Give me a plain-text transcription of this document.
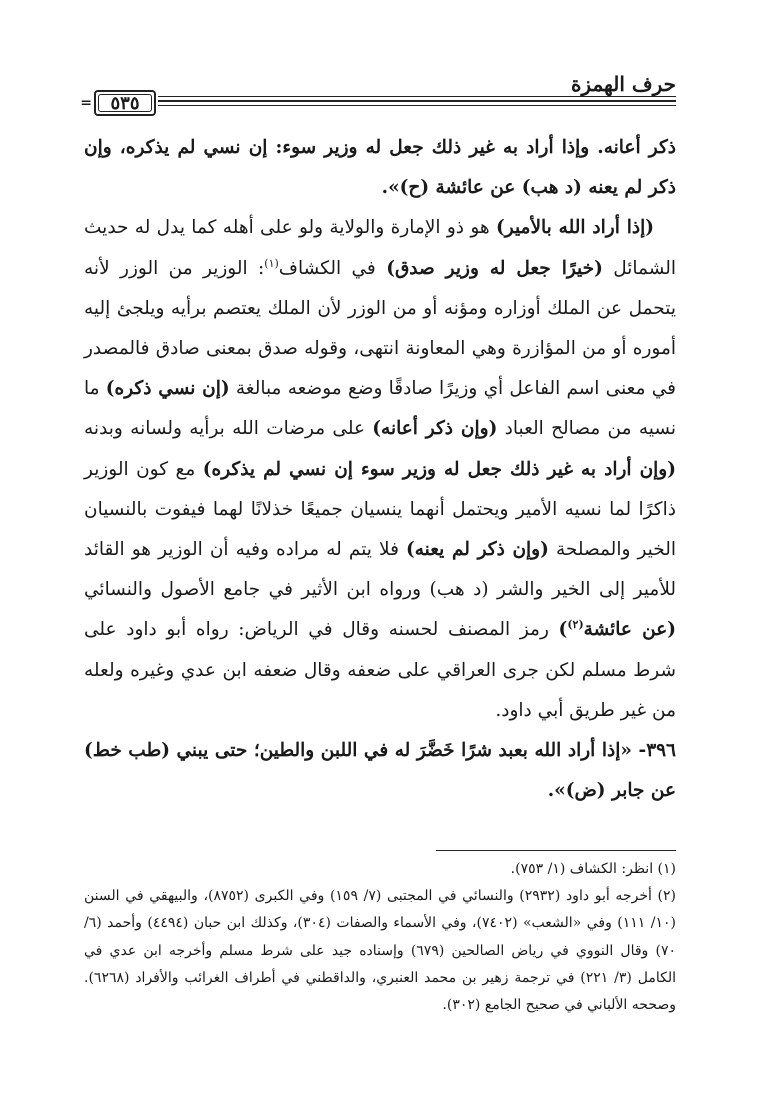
حرف الهمزة
٥٣٥
=

ذكر أعانه. وإذا أراد به غير ذلك جعل له وزير سوء: إن نسي لم يذكره، وإن ذكر لم يعنه (د هب) عن عائشة (ح)».

(إذا أراد الله بالأمير) هو ذو الإمارة والولاية ولو على أهله كما يدل له حديث الشمائل (خيرًا جعل له وزير صدق) في الكشاف$^{(١)}$: الوزير من الوزر لأنه يتحمل عن الملك أوزاره ومؤنه أو من الوزر لأن الملك يعتصم برأيه ويلجئ إليه أموره أو من المؤازرة وهي المعاونة انتهى، وقوله صدق بمعنى صادق فالمصدر في معنى اسم الفاعل أي وزيرًا صادقًا وضع موضعه مبالغة (إن نسي ذكره) ما نسيه من مصالح العباد (وإن ذكر أعانه) على مرضات الله برأيه ولسانه وبدنه (وإن أراد به غير ذلك جعل له وزير سوء إن نسي لم يذكره) مع كون الوزير ذاكرًا لما نسيه الأمير ويحتمل أنهما ينسيان جميعًا خذلانًا لهما فيفوت بالنسيان الخير والمصلحة (وإن ذكر لم يعنه) فلا يتم له مراده وفيه أن الوزير هو القائد للأمير إلى الخير والشر (د هب) ورواه ابن الأثير في جامع الأصول والنسائي (عن عائشة$^{(٢)}$) رمز المصنف لحسنه وقال في الرياض: رواه أبو داود على شرط مسلم لكن جرى العراقي على ضعفه وقال ضعفه ابن عدي وغيره ولعله من غير طريق أبي داود.

٣٩٦- «إذا أراد الله بعبد شرًا خَضَّرَ له في اللبن والطين؛ حتى يبني (طب خط) عن جابر (ض)».

(١) انظر: الكشاف (١/ ٧٥٣).

(٢) أخرجه أبو داود (٢٩٣٢) والنسائي في المجتبى (٧/ ١٥٩) وفي الكبرى (٨٧٥٢)، والبيهقي في السنن (١٠/ ١١١) وفي «الشعب» (٧٤٠٢)، وفي الأسماء والصفات (٣٠٤)، وكذلك ابن حبان (٤٤٩٤) وأحمد (٦/ ٧٠) وقال النووي في رياض الصالحين (٦٧٩) وإسناده جيد على شرط مسلم وأخرجه ابن عدي في الكامل (٣/ ٢٢١) في ترجمة زهير بن محمد العنبري، والداقطني في أطراف الغرائب والأفراد (٦٢٦٨). وصححه الألباني في صحيح الجامع (٣٠٢).
